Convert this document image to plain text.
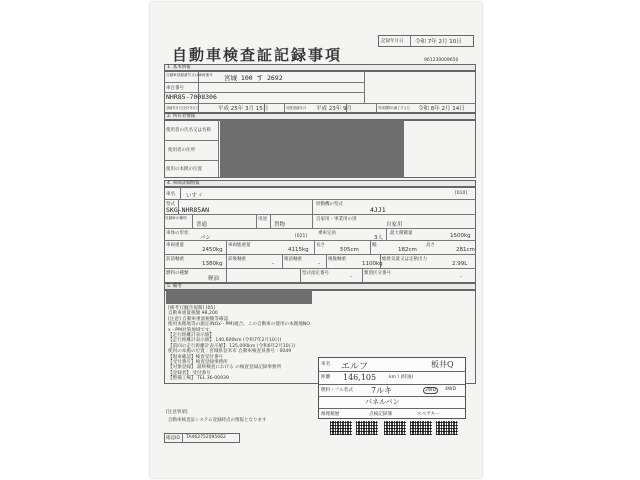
自動車検査証記録事項
記録年月日 令和 7年 2月 10日
961230009650
1. 基本情報
自動車登録番号又は車両番号 宮城 100 す 2692
車台番号
NHR85-7008306
登録年月日/交付年月日	平成 25年 3月 15日	初度登録年月 平成 23年 9月	有効期間の満了する日 令和 8年 2月 14日
2. 所有者情報
使用者の氏名又は名称
使用者の住所
使用の本拠の位置
4. 車両詳細情報
車名 いすゞ	[010]
型式
SKG-NHR85AN
原動機の型式
4JJ1
自動車の種別
普通
用途
貨物
自家用・事業用の別
自家用
車体の形状
バン	[021]
乗車定員
3人
最大積載量	1500kg
車両重量
2450kg
車両総重量
4115kg
長さ
505cm
幅
182cm
高さ
281cm
前前軸重
1380kg
前後軸重
-
後前軸重
-
後後軸重
1100kg
総排気量又は定格出力
2.99L
燃料の種類
軽油
型式指定番号
-
類別区分番号
-
5. 備考
[備考] [騒音規制] [05]
自動車重量税額 ¥8,200
[注意] 自動車重量税額等確認
使用本拠地等の規定(NOx・PM)適合。この自動車の使用の本拠地NO
x・PM対策地域です。
【走行距離計表示値】
【走行距離計表示値】 140,600km (令和7年2月10日)
【前回の走行距離計表示値】 125,000km (令和6年2月10日)
使用の本拠の位置 : 宮城県登米市 自動車検査員番号 : 0049
【現車確認】検査受付番号
【受付番号】検査登録事務所
【対象登録】 最終検査における の検査登録記録事務所
【登録者】 受付番号
【整備工場】 TEL 36-00939
[注意事項]
自動車検査証システム登録時点の情報となります
確認ID TA462752095662
車名 エルフ	板井Q
距離 146,105	km / (時速)
燃料・フル装式 7ルキ	2WD	4WD
パネルバン
修理履歴	点検記録簿	スペアキー
